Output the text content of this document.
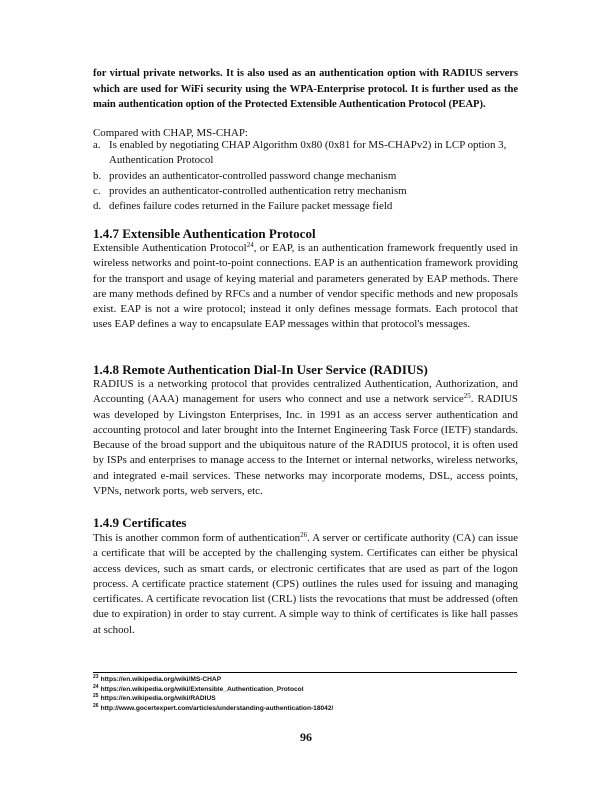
for virtual private networks. It is also used as an authentication option with RADIUS servers which are used for WiFi security using the WPA-Enterprise protocol. It is further used as the main authentication option of the Protected Extensible Authentication Protocol (PEAP).

Compared with CHAP, MS-CHAP:

a. Is enabled by negotiating CHAP Algorithm 0x80 (0x81 for MS-CHAPv2) in LCP option 3, Authentication Protocol
b. provides an authenticator-controlled password change mechanism
c. provides an authenticator-controlled authentication retry mechanism
d. defines failure codes returned in the Failure packet message field
1.4.7 Extensible Authentication Protocol

Extensible Authentication Protocol$^{24}$, or EAP, is an authentication framework frequently used in wireless networks and point-to-point connections. EAP is an authentication framework providing for the transport and usage of keying material and parameters generated by EAP methods. There are many methods defined by RFCs and a number of vendor specific methods and new proposals exist. EAP is not a wire protocol; instead it only defines message formats. Each protocol that uses EAP defines a way to encapsulate EAP messages within that protocol's messages.

1.4.8 Remote Authentication Dial-In User Service (RADIUS)

RADIUS is a networking protocol that provides centralized Authentication, Authorization, and Accounting (AAA) management for users who connect and use a network service$^{25}$. RADIUS was developed by Livingston Enterprises, Inc. in 1991 as an access server authentication and accounting protocol and later brought into the Internet Engineering Task Force (IETF) standards. Because of the broad support and the ubiquitous nature of the RADIUS protocol, it is often used by ISPs and enterprises to manage access to the Internet or internal networks, wireless networks, and integrated e-mail services. These networks may incorporate modems, DSL, access points, VPNs, network ports, web servers, etc.

1.4.9 Certificates

This is another common form of authentication$^{26}$. A server or certificate authority (CA) can issue a certificate that will be accepted by the challenging system. Certificates can either be physical access devices, such as smart cards, or electronic certificates that are used as part of the logon process. A certificate practice statement (CPS) outlines the rules used for issuing and managing certificates. A certificate revocation list (CRL) lists the revocations that must be addressed (often due to expiration) in order to stay current. A simple way to think of certificates is like hall passes at school.

$^{23}$ https://en.wikipedia.org/wiki/MS-CHAP
$^{24}$ https://en.wikipedia.org/wiki/Extensible_Authentication_Protocol
$^{25}$ https://en.wikipedia.org/wiki/RADIUS
$^{26}$ http://www.gocertexpert.com/articles/understanding-authentication-18042/
96
